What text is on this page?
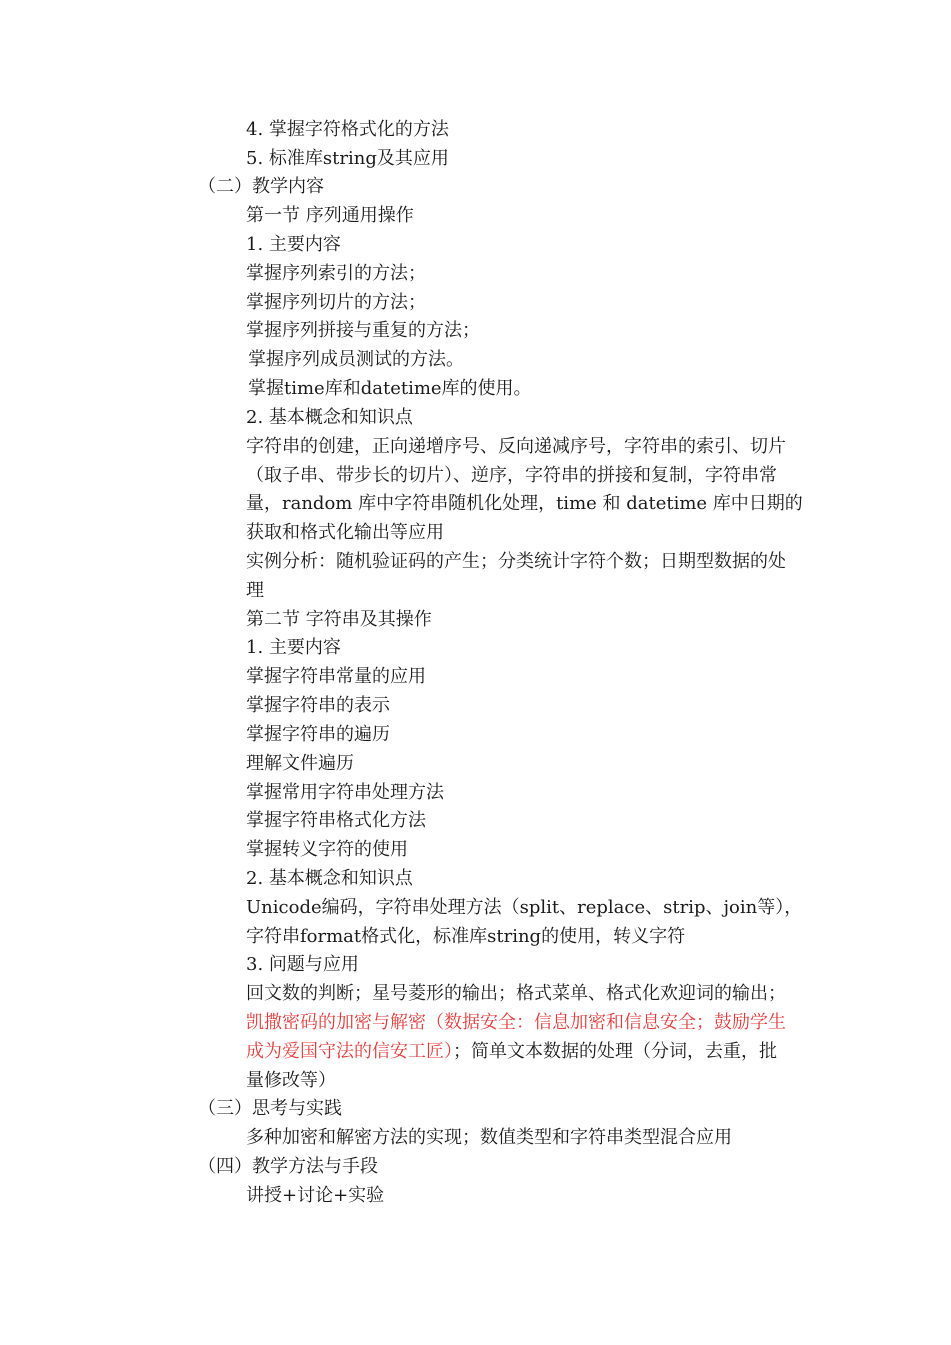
4. 掌握字符格式化的方法
5. 标准库string及其应用
（二）教学内容
第一节 序列通用操作
1. 主要内容
掌握序列索引的方法；
掌握序列切片的方法；
掌握序列拼接与重复的方法；
掌握序列成员测试的方法。
掌握time库和datetime库的使用。
2. 基本概念和知识点
字符串的创建，正向递增序号、反向递减序号，字符串的索引、切片
（取子串、带步长的切片）、逆序，字符串的拼接和复制，字符串常
量，random 库中字符串随机化处理，time 和 datetime 库中日期的
获取和格式化输出等应用
实例分析：随机验证码的产生；分类统计字符个数；日期型数据的处
理
第二节 字符串及其操作
1. 主要内容
掌握字符串常量的应用
掌握字符串的表示
掌握字符串的遍历
理解文件遍历
掌握常用字符串处理方法
掌握字符串格式化方法
掌握转义字符的使用
2. 基本概念和知识点
Unicode编码，字符串处理方法（split、replace、strip、join等），
字符串format格式化，标准库string的使用，转义字符
3. 问题与应用
回文数的判断；星号菱形的输出；格式菜单、格式化欢迎词的输出；
凯撒密码的加密与解密（数据安全：信息加密和信息安全；鼓励学生
成为爱国守法的信安工匠）；简单文本数据的处理（分词，去重，批
量修改等）
（三）思考与实践
多种加密和解密方法的实现；数值类型和字符串类型混合应用
（四）教学方法与手段
讲授+讨论+实验
